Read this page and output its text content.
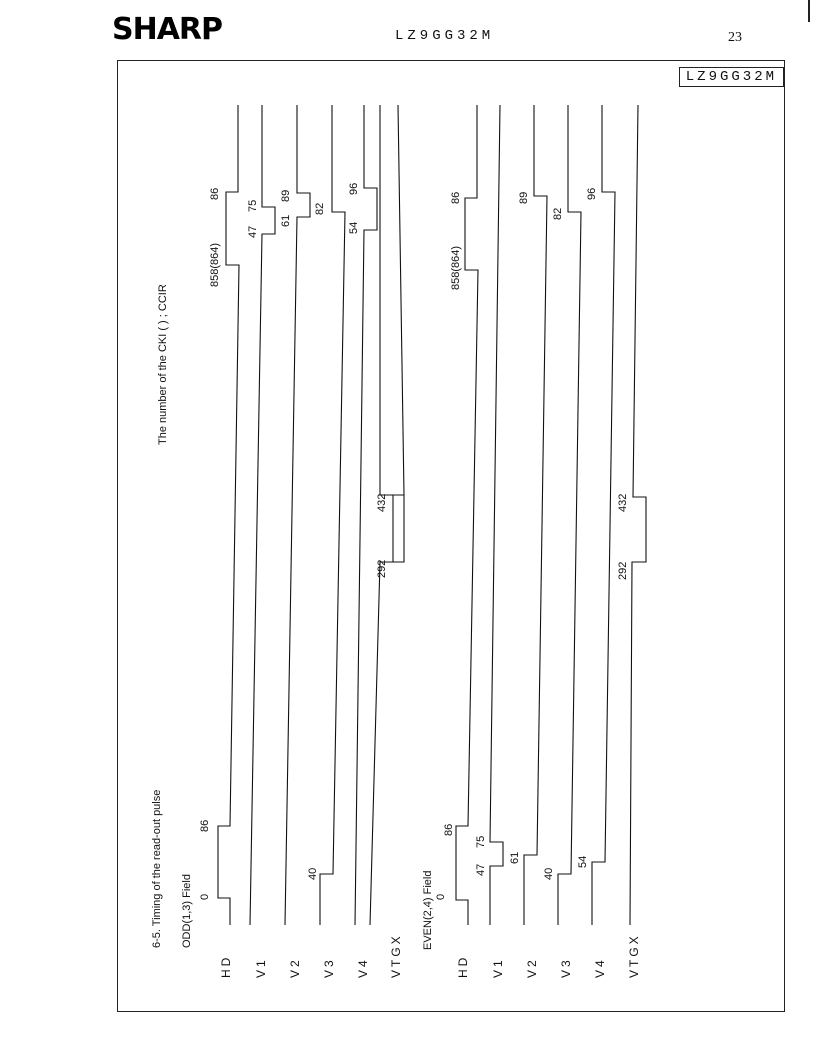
SHARP	LZ9GG32M	23
LZ9GG32M
6-5. Timing of the read-out pulse
The number of the CKI ( ) ; CCIR
ODD(1,3) Field	EVEN(2,4) Field
HD V1 V2 V3 V4 VTGX	HD V1 V2 V3 V4 VTGX
0
86
40
858(864)
86
47
75
61
89
82
54
96
292
432
0
86
47
75
61
40
54
858(864)
86	89
82
96
292
432
